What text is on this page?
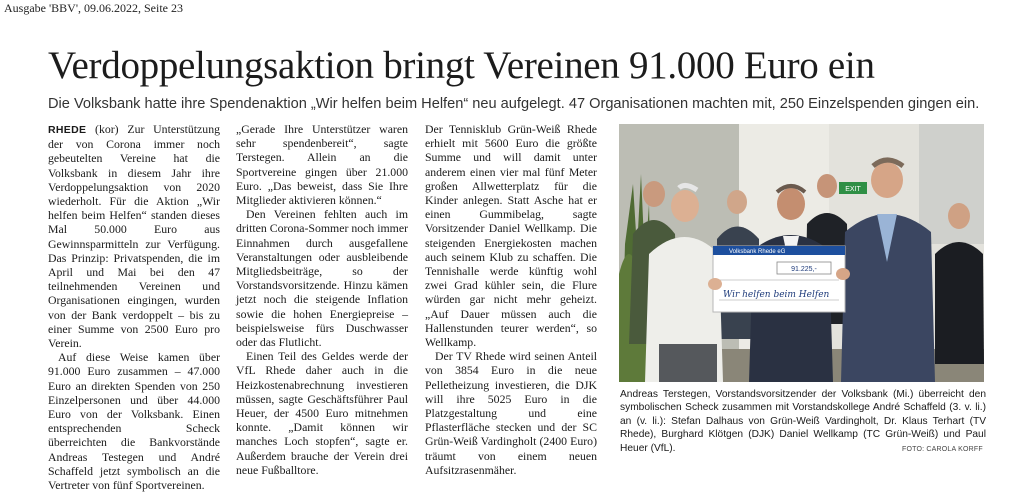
Ausgabe 'BBV', 09.06.2022, Seite 23
Verdoppelungsaktion bringt Vereinen 91.000 Euro ein
Die Volksbank hatte ihre Spendenaktion „Wir helfen beim Helfen“ neu aufgelegt. 47 Organisationen machten mit, 250 Einzelspenden gingen ein.

RHEDE (kor) Zur Unterstützung der von Corona immer noch gebeutelten Vereine hat die Volksbank in diesem Jahr ihre Verdoppelungsaktion von 2020 wiederholt. Für die Aktion „Wir helfen beim Helfen“ standen dieses Mal 50.000 Euro aus Gewinnsparmitteln zur Verfügung. Das Prinzip: Privatspenden, die im April und Mai bei den 47 teilnehmenden Vereinen und Organisationen eingingen, wurden von der Bank verdoppelt – bis zu einer Summe von 2500 Euro pro Verein.

Auf diese Weise kamen über 91.000 Euro zusammen – 47.000 Euro an direkten Spenden von 250 Einzelpersonen und über 44.000 Euro von der Volksbank. Einen entsprechenden Scheck überreichten die Bankvorstände Andreas Testegen und André Schaffeld jetzt symbolisch an die Vertreter von fünf Sportvereinen.

„Gerade Ihre Unterstützer waren sehr spendenbereit“, sagte Terstegen. Allein an die Sportvereine gingen über 21.000 Euro. „Das beweist, dass Sie Ihre Mitglieder aktivieren können.“

Den Vereinen fehlten auch im dritten Corona-Sommer noch immer Einnahmen durch ausgefallene Veranstaltungen oder ausbleibende Mitgliedsbeiträge, so der Vorstandsvorsitzende. Hinzu kämen jetzt noch die steigende Inflation sowie die hohen Energiepreise – beispielsweise fürs Duschwasser oder das Flutlicht.

Einen Teil des Geldes werde der VfL Rhede daher auch in die Heizkostenabrechnung investieren müssen, sagte Geschäftsführer Paul Heuer, der 4500 Euro mitnehmen konnte. „Damit können wir manches Loch stopfen“, sagte er. Außerdem brauche der Verein drei neue Fußballtore.

Der Tennisklub Grün-Weiß Rhede erhielt mit 5600 Euro die größte Summe und will damit unter anderem einen vier mal fünf Meter großen Allwetterplatz für die Kinder anlegen. Statt Asche hat er einen Gummibelag, sagte Vorsitzender Daniel Wellkamp. Die steigenden Energiekosten machen auch seinem Klub zu schaffen. Die Tennishalle werde künftig wohl zwei Grad kühler sein, die Flure würden gar nicht mehr geheizt. „Auf Dauer müssen auch die Hallenstunden teurer werden“, so Wellkamp.

Der TV Rhede wird seinen Anteil von 3854 Euro in die neue Pelletheizung investieren, die DJK will ihre 5025 Euro in die Platzgestaltung und eine Pflasterfläche stecken und der SC Grün-Weiß Vardingholt (2400 Euro) träumt von einem neuen Aufsitzrasenmäher.

EXIT
Volksbank Rhede eG
91.225,-
Wir helfen beim Helfen
Andreas Terstegen, Vorstandsvorsitzender der Volksbank (Mi.) überreicht den symbolischen Scheck zusammen mit Vorstandskollege André Schaffeld (3. v. li.) an (v. li.): Stefan Dalhaus von Grün-Weiß Vardingholt, Dr. Klaus Terhart (TV Rhede), Burghard Klötgen (DJK) Daniel Wellkamp (TC Grün-Weiß) und Paul Heuer (VfL).	FOTO: CAROLA KORFF
